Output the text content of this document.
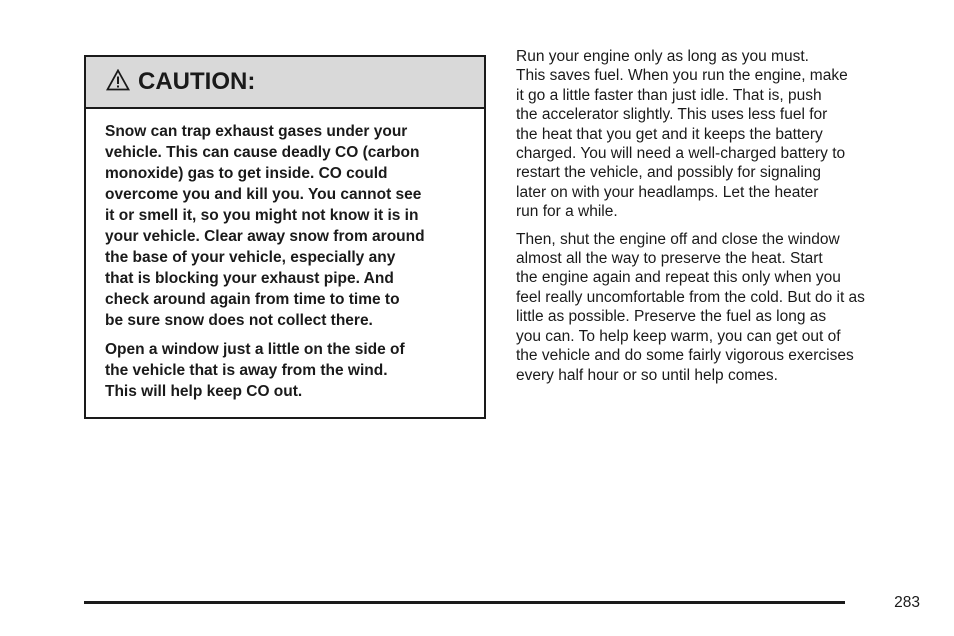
CAUTION:

Snow can trap exhaust gases under your
vehicle. This can cause deadly CO (carbon
monoxide) gas to get inside. CO could
overcome you and kill you. You cannot see
it or smell it, so you might not know it is in
your vehicle. Clear away snow from around
the base of your vehicle, especially any
that is blocking your exhaust pipe. And
check around again from time to time to
be sure snow does not collect there.

Open a window just a little on the side of
the vehicle that is away from the wind.
This will help keep CO out.

Run your engine only as long as you must.
This saves fuel. When you run the engine, make
it go a little faster than just idle. That is, push
the accelerator slightly. This uses less fuel for
the heat that you get and it keeps the battery
charged. You will need a well-charged battery to
restart the vehicle, and possibly for signaling
later on with your headlamps. Let the heater
run for a while.

Then, shut the engine off and close the window
almost all the way to preserve the heat. Start
the engine again and repeat this only when you
feel really uncomfortable from the cold. But do it as
little as possible. Preserve the fuel as long as
you can. To help keep warm, you can get out of
the vehicle and do some fairly vigorous exercises
every half hour or so until help comes.

283
